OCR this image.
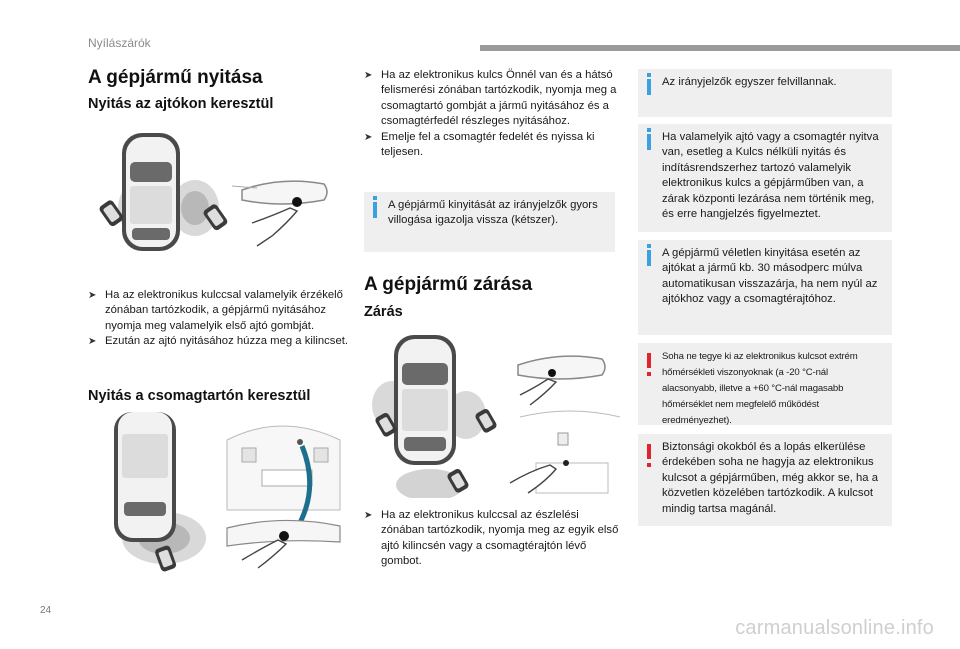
Nyílászárók
A gépjármű nyitása
Nyitás az ajtókon keresztül
➤ Ha az elektronikus kulccsal valamelyik érzékelő zónában tartózkodik, a gépjármű nyitásához nyomja meg valamelyik első ajtó gombját.
➤ Ezután az ajtó nyitásához húzza meg a kilincset.
Nyitás a csomagtartón keresztül
➤ Ha az elektronikus kulcs Önnél van és a hátsó felismerési zónában tartózkodik, nyomja meg a csomagtartó gombját a jármű nyitásához és a csomagtérfedél részleges nyitásához.
➤ Emelje fel a csomagtér fedelét és nyissa ki teljesen.
A gépjármű kinyitását az irányjelzők gyors villogása igazolja vissza (kétszer).
A gépjármű zárása
Zárás
➤ Ha az elektronikus kulccsal az észlelési zónában tartózkodik, nyomja meg az egyik első ajtó kilincsén vagy a csomagtérajtón lévő gombot.
Az irányjelzők egyszer felvillannak.
Ha valamelyik ajtó vagy a csomagtér nyitva van, esetleg a Kulcs nélküli nyitás és indításrendszerhez tartozó valamelyik elektronikus kulcs a gépjárműben van, a zárak központi lezárása nem történik meg, és erre hangjelzés figyelmeztet.
A gépjármű véletlen kinyitása esetén az ajtókat a jármű kb. 30 másodperc múlva automatikusan visszazárja, ha nem nyúl az ajtókhoz vagy a csomagtérajtóhoz.
Soha ne tegye ki az elektronikus kulcsot extrém hőmérsékleti viszonyoknak (a -20 °C-nál alacsonyabb, illetve a +60 °C-nál magasabb hőmérséklet nem megfelelő működést eredményezhet).
Biztonsági okokból és a lopás elkerülése érdekében soha ne hagyja az elektronikus kulcsot a gépjárműben, még akkor se, ha a közvetlen közelében tartózkodik. A kulcsot mindig tartsa magánál.
24
carmanualsonline.info
